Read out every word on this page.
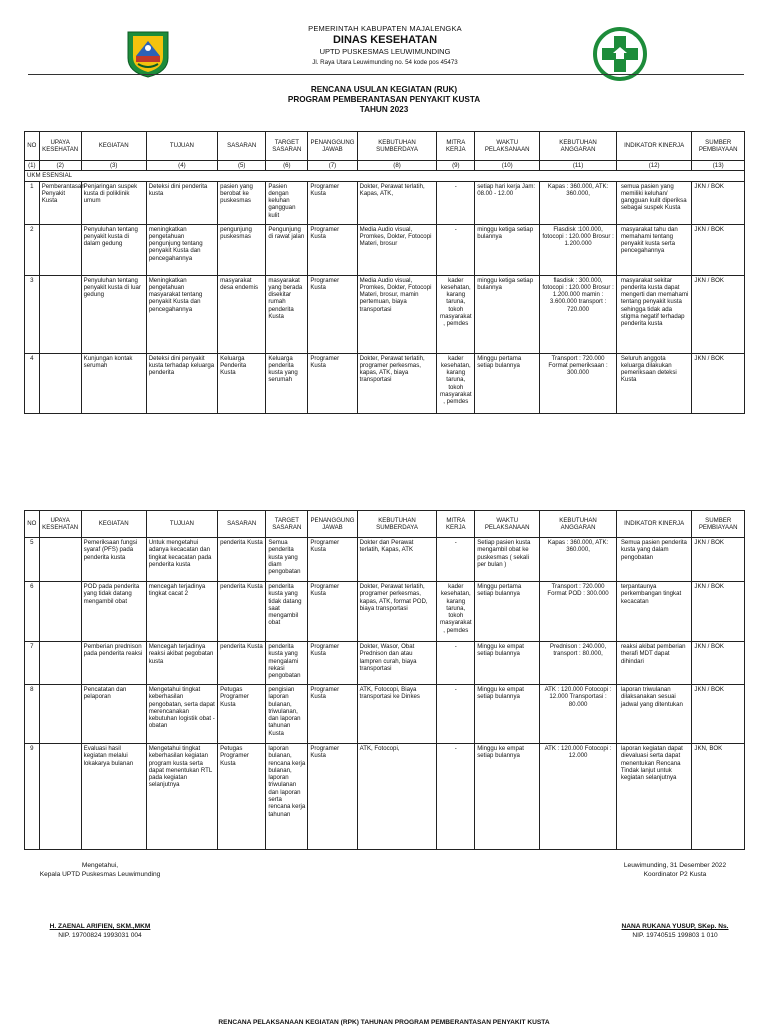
PEMERINTAH KABUPATEN MAJALENGKA
DINAS KESEHATAN
UPTD PUSKESMAS LEUWIMUNDING
Jl. Raya Utara Leuwimunding no. 54 kode pos 45473
RENCANA USULAN KEGIATAN (RUK)
PROGRAM PEMBERANTASAN PENYAKIT KUSTA
TAHUN 2023
NO	UPAYA KESEHATAN	KEGIATAN	TUJUAN	SASARAN	TARGET SASARAN	PENANGGUNG JAWAB	KEBUTUHAN SUMBERDAYA	MITRA KERJA	WAKTU PELAKSANAAN	KEBUTUHAN ANGGARAN	INDIKATOR KINERJA	SUMBER PEMBIAYAAN
(1)	(2)	(3)	(4)	(5)	(6)	(7)	(8)	(9)	(10)	(11)	(12)	(13)
UKM ESENSIAL												

1	Pemberantasan Penyakit Kusta	Penjaringan suspek kusta di poliklinik umum	Deteksi dini penderita kusta	pasien yang berobat ke puskesmas	Pasien dengan keluhan gangguan kulit	Programer Kusta	Dokter, Perawat terlatih, Kapas, ATK,	-	setiap hari kerja Jam: 08.00 - 12.00	Kapas : 360.000, ATK: 360.000,	semua pasien yang memiliki keluhan/ gangguan kulit diperiksa sebagai suspek Kusta	JKN / BOK

2		Penyuluhan tentang penyakit kusta di dalam gedung	meningkatkan pengetahuan pengunjung tentang penyakit Kusta dan pencegahannya	pengunjung puskesmas	Pengunjung di rawat jalan	Programer Kusta	Media Audio visual, Promkes, Dokter, Fotocopi Materi, brosur	-	minggu ketiga setiap bulannya	Flasdisk :100.000, fotocopi : 120.000 Brosur : 1.200.000	masyarakat tahu dan memahami tentang penyakit kusta serta pencegahannya	JKN / BOK

3		Penyuluhan tentang penyakit kusta di luar gedung	Meningkatkan pengetahuan masyarakat tentang penyakit Kusta dan pencegahannya	masyarakat desa endemis	masyarakat yang berada disekitar rumah penderita Kusta	Programer Kusta	Media Audio visual, Promkes, Dokter, Fotocopi Materi, brosur, mamin pertemuan, biaya transportasi	kader kesehatan, karang taruna, tokoh masyarakat , pemdes	minggu ketiga setiap bulannya	flasdisk : 300.000, fotocopi : 120.000 Brosur : 1.200.000 mamin : 3.600.000 transport : 720.000	masyarakat sekitar penderita kusta dapat mengerti dan memahami tentang penyakit kusta sehingga tidak ada stigma negatif terhadap penderita kusta	JKN / BOK

4		Kunjungan kontak serumah	Deteksi dini penyakit kusta terhadap keluarga penderita	Keluarga Penderita Kusta	Keluarga penderita kusta yang serumah	Programer Kusta	Dokter, Perawat terlatih, programer perkesmas, kapas, ATK, biaya transportasi	kader kesehatan, karang taruna, tokoh masyarakat , pemdes	Minggu pertama setiap bulannya	Transport : 720.000 Format pemeriksaan : 300.000	Seluruh anggota keluarga dilakukan pemeriksaan deteksi Kusta	JKN / BOK
NO	UPAYA KESEHATAN	KEGIATAN	TUJUAN	SASARAN	TARGET SASARAN	PENANGGUNG JAWAB	KEBUTUHAN SUMBERDAYA	MITRA KERJA	WAKTU PELAKSANAAN	KEBUTUHAN ANGGARAN	INDIKATOR KINERJA	SUMBER PEMBIAYAAN

5		Pemeriksaan fungsi syaraf (PFS) pada penderita kusta	Untuk mengetahui adanya kecacatan dan tingkat kecacatan pada penderita kusta	penderita Kusta	Semua penderita kusta yang diam pengobatan	Programer Kusta	Dokter dan Perawat terlatih, Kapas, ATK	-	Setiap pasien kusta mengambil obat ke puskesmas ( sekali per bulan )	Kapas : 360.000, ATK: 360.000,	Semua pasien penderita kusta yang dalam pengobatan	JKN / BOK

6		POD pada penderita yang tidak datang mengambil obat	mencegah terjadinya tingkat cacat 2	penderita Kusta	penderita kusta yang tidak datang saat mengambil obat	Programer Kusta	Dokter, Perawat terlatih, programer perkesmas, kapas, ATK, format POD, biaya transportasi	kader kesehatan, karang taruna, tokoh masyarakat , pemdes	Minggu pertama setiap bulannya	Transport : 720.000 Format POD : 300.000	terpantaunya perkembangan tingkat kecacatan	JKN / BOK

7		Pemberian prednison pada penderita reaksi	Mencegah terjadinya reaksi akibat pegobatan kusta	penderita Kusta	penderita kusta yang mengalami rekasi pengobatan	Programer Kusta	Dokter, Wasor, Obat Prednison dan atau lampren curah, biaya transportasi	-	Minggu ke empat setiap bulannya	Prednison : 240.000, transport : 80.000,	reaksi akibat pemberian therafi MDT dapat dihindari	JKN / BOK

8		Pencatatan dan pelaporan	Mengetahui tingkat keberhasilan pengobatan, serta dapat merencanakan kebutuhan logistik obat - obatan	Petugas Programer Kusta	pengisian laporan bulanan, triwulanan, dan laporan tahunan Kusta	Programer Kusta	ATK, Fotocopi, Biaya transportasi ke Dinkes	-	Minggu ke empat setiap bulannya	ATK : 120.000 Fotocopi : 12.000 Transportasi : 80.000	laporan triwulanan dilaksanakan sesuai jadwal yang ditentukan	JKN / BOK

9		Evaluasi hasil kegiatan melalui lokakarya bulanan	Mengetahui tingkat keberhasilan kegiatan program kusta serta dapat menentukan RTL pada kegiatan selanjutnya	Petugas Programer Kusta	laporan bulanan, rencana kerja bulanan, laporan triwulanan dan laporan serta rencana kerja tahunan	Programer Kusta	ATK, Fotocopi,	-	Minggu ke empat setiap bulannya	ATK : 120.000 Fotocopi : 12.000	laporan kegiatan dapat dievaluasi serta dapat menentukan Rencana Tindak lanjut untuk kegiatan selanjutnya	JKN, BOK
Mengetahui,
Kepala UPTD Puskesmas Leuwimunding
H. ZAENAL ARIFIEN, SKM.,MKM
NIP. 19700824 1993031 004
Leuwimunding, 31 Desember 2022
Koordinator P2 Kusta
NANA RUKANA YUSUP, SKep. Ns.
NIP. 19740515 199803 1 010
RENCANA PELAKSANAAN KEGIATAN (RPK) TAHUNAN PROGRAM PEMBERANTASAN PENYAKIT KUSTA
